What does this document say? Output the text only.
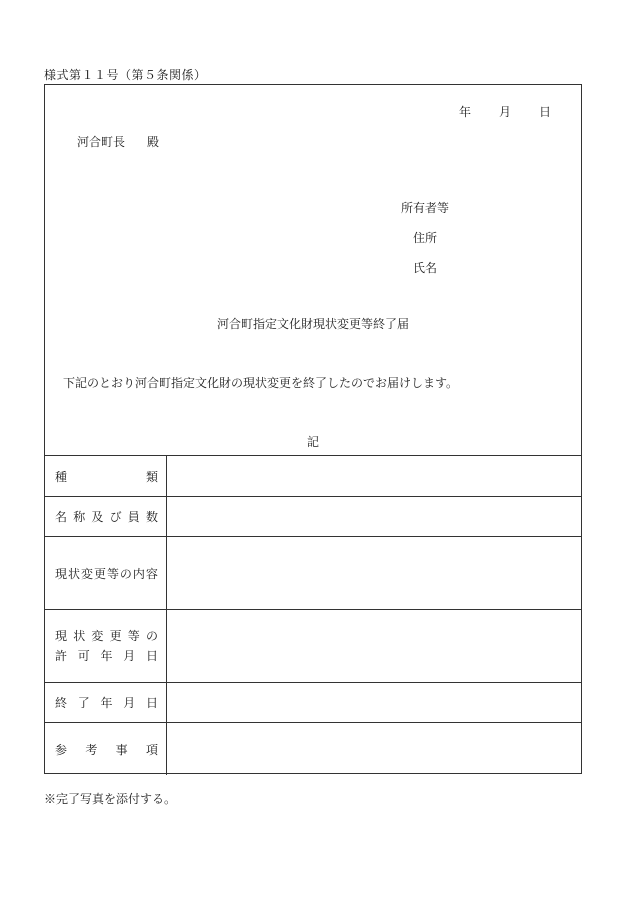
様式第１１号（第５条関係）
年 月 日
河合町長 殿
所有者等
住所
氏名
河合町指定文化財現状変更等終了届
下記のとおり河合町指定文化財の現状変更を終了したのでお届けします。
記
種	類
名 称 及 び 員 数
現 状 変 更 等 の 内 容
現 状 変 更 等 の
許 可 年 月 日
終 了 年 月 日
参 考 事 項
※完了写真を添付する。
